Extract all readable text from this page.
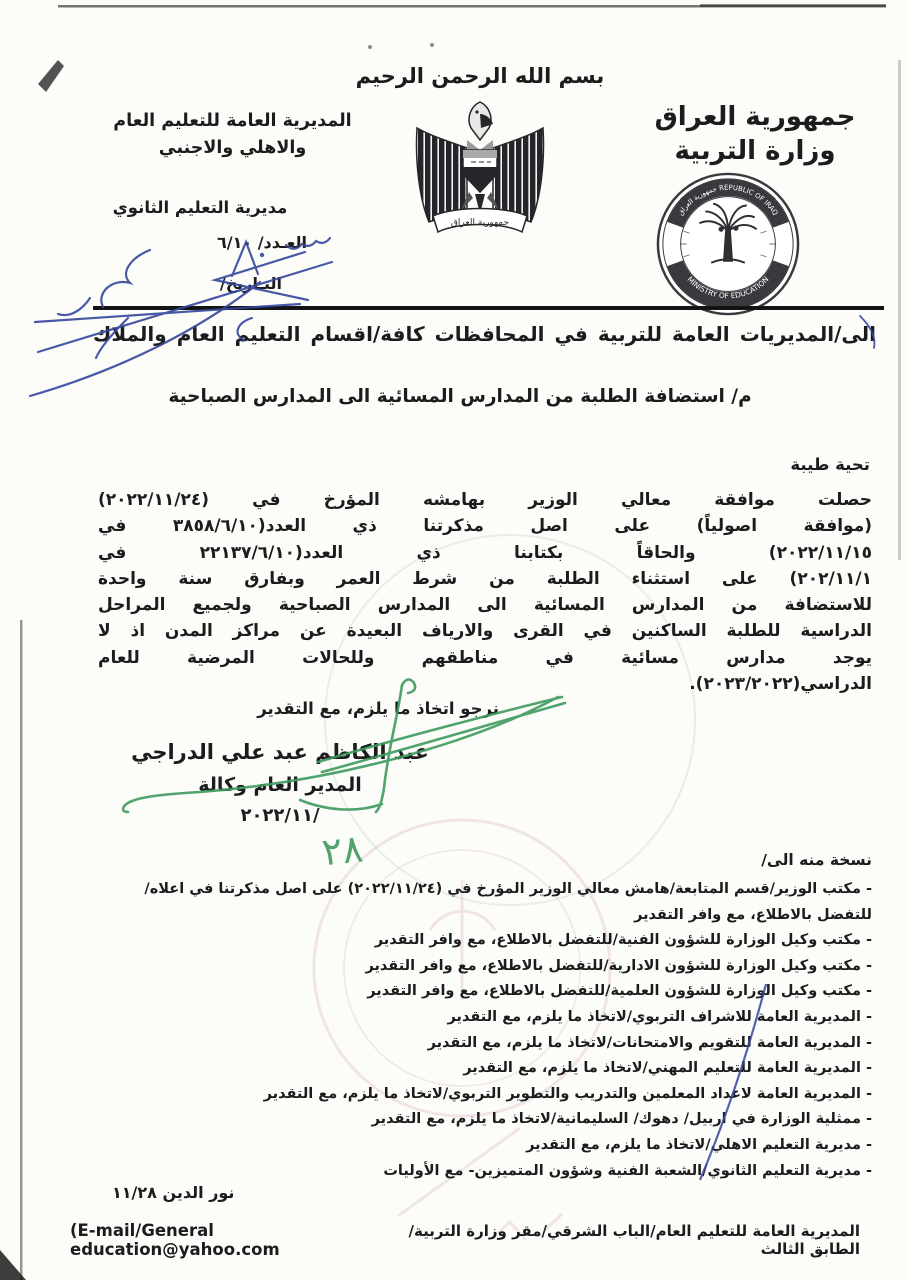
بسم الله الرحمن الرحيم
جمهورية العراق
وزارة التربية
المديرية العامة للتعليم العام
والاهلي والاجنبي
مديرية التعليم الثانوي
العـدد/ ٦/١٠
التـاريخ/
جمهورية العراق
جمهورية العراق REPUBLIC OF IRAQ
MINISTRY OF EDUCATION
الى/المديريات العامة للتربية في المحافظات كافة/اقسام التعليم العام والملاك
م/ استضافة الطلبة من المدارس المسائية الى المدارس الصباحية
تحية طيبة
حصلت موافقة معالي الوزير بهامشه المؤرخ في (٢٠٢٢/١١/٢٤)
(موافقة اصولياً) على اصل مذكرتنا ذي العدد(٣٨٥٨/٦/١٠ في
٢٠٢٢/١١/١٥) والحاقاً بكتابنا ذي العدد(٢٢١٣٧/٦/١٠ في
٢٠٢/١١/١) على استثناء الطلبة من شرط العمر وبفارق سنة واحدة
للاستضافة من المدارس المسائية الى المدارس الصباحية ولجميع المراحل
الدراسية للطلبة الساكنين في القرى والارياف البعيدة عن مراكز المدن اذ لا
يوجد مدارس مسائية في مناطقهم وللحالات المرضية للعام
الدراسي(٢٠٢٣/٢٠٢٢).
نرجو اتخاذ ما يلزم، مع التقدير
عبد الكاظم عبد علي الدراجي
المدير العام وكالة
٢٠٢٢/١١/
نسخة منه الى/
- مكتب الوزير/قسم المتابعة/هامش معالي الوزير المؤرخ في (٢٠٢٢/١١/٢٤) على اصل مذكرتنا في اعلاه/للتفضل بالاطلاع، مع وافر التقدير
- مكتب وكيل الوزارة للشؤون الفنية/للتفضل بالاطلاع، مع وافر التقدير
- مكتب وكيل الوزارة للشؤون الادارية/للتفضل بالاطلاع، مع وافر التقدير
- مكتب وكيل الوزارة للشؤون العلمية/للتفضل بالاطلاع، مع وافر التقدير
- المديرية العامة للاشراف التربوي/لاتخاذ ما يلزم، مع التقدير
- المديرية العامة للتقويم والامتحانات/لاتخاذ ما يلزم، مع التقدير
- المديرية العامة للتعليم المهني/لاتخاذ ما يلزم، مع التقدير
- المديرية العامة لاعداد المعلمين والتدريب والتطوير التربوي/لاتخاذ ما يلزم، مع التقدير
- ممثلية الوزارة في اربيل/ دهوك/ السليمانية/لاتخاذ ما يلزم، مع التقدير
- مديرية التعليم الاهلي/لاتخاذ ما يلزم، مع التقدير
- مديرية التعليم الثانوي/الشعبة الفنية وشؤون المتميزين- مع الأوليات
نور الدين ١١/٢٨
المديرية العامة للتعليم العام/الباب الشرقي/مقر وزارة التربية/ الطابق الثالث
(E-mail/General education@yahoo.com
٢٨
